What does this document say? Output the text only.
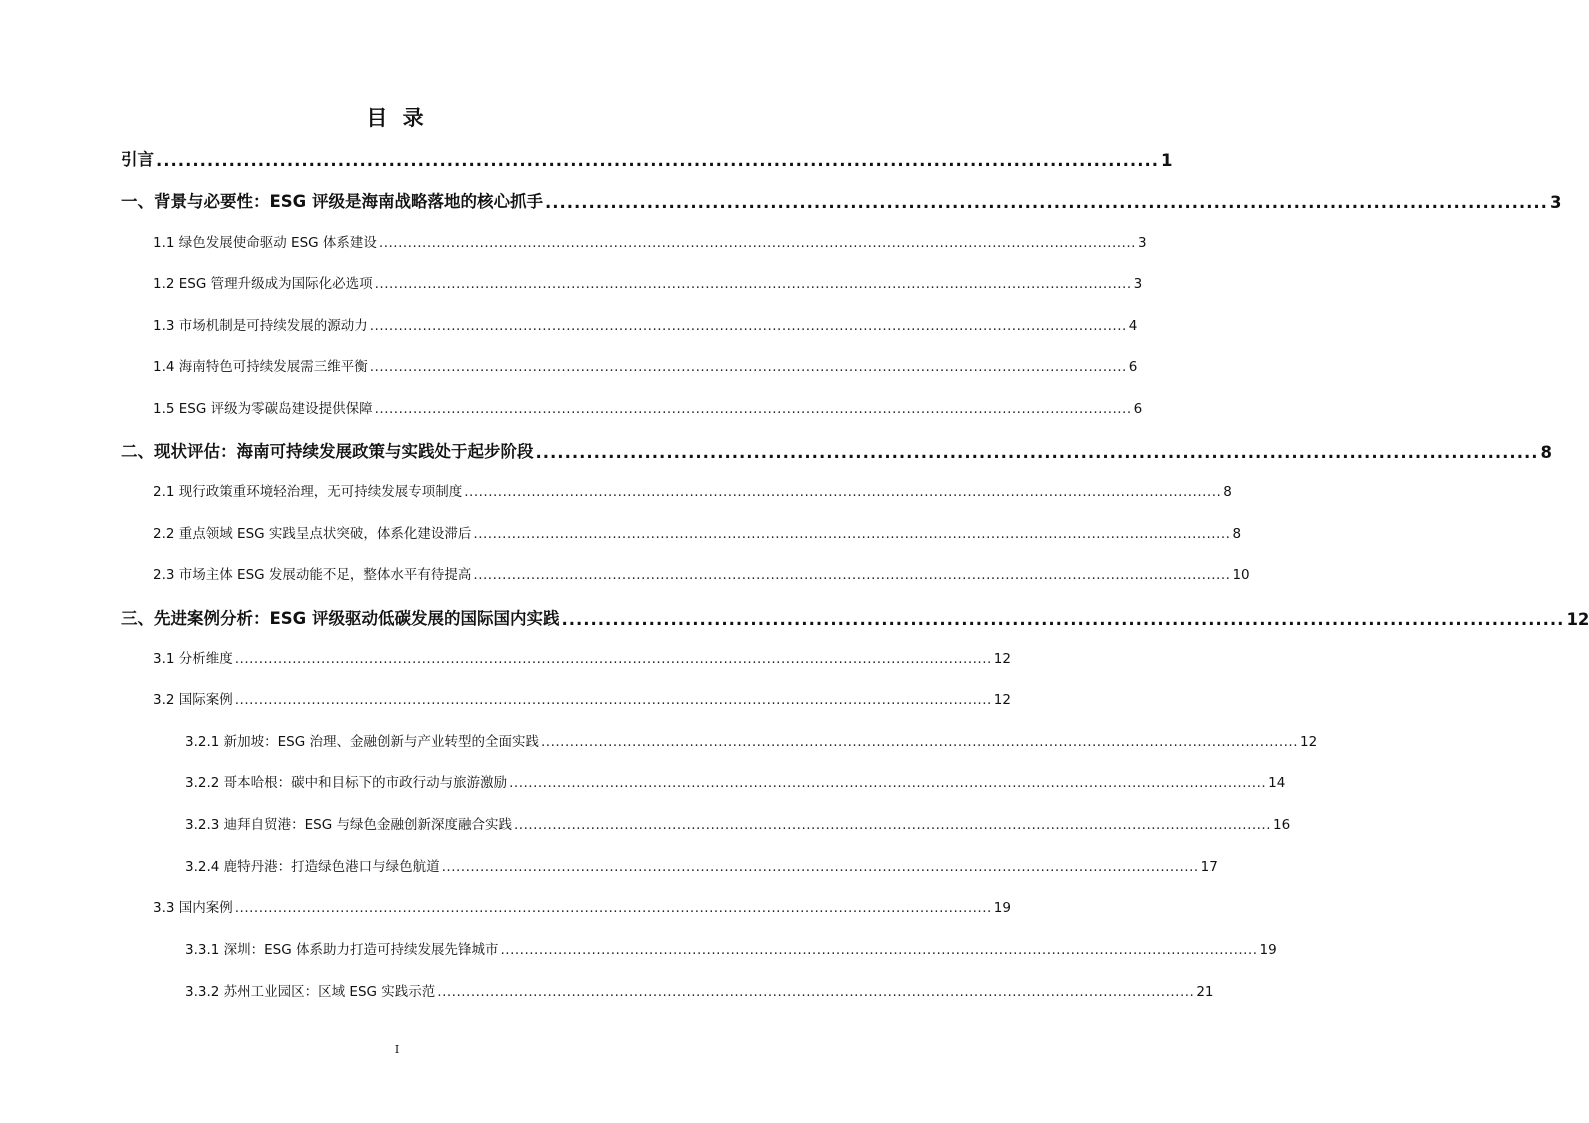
目 录
引言 .......................................................................................................................................... 1
一、背景与必要性：ESG 评级是海南战略落地的核心抓手 .......................................................................................................................................... 3
1.1 绿色发展使命驱动 ESG 体系建设 .............................................................................................................................................................. 3
1.2 ESG 管理升级成为国际化必选项 .............................................................................................................................................................. 3
1.3 市场机制是可持续发展的源动力 .............................................................................................................................................................. 4
1.4 海南特色可持续发展需三维平衡 .............................................................................................................................................................. 6
1.5 ESG 评级为零碳岛建设提供保障 .............................................................................................................................................................. 6
二、现状评估：海南可持续发展政策与实践处于起步阶段 .......................................................................................................................................... 8
2.1 现行政策重环境轻治理，无可持续发展专项制度 .............................................................................................................................................................. 8
2.2 重点领域 ESG 实践呈点状突破，体系化建设滞后 .............................................................................................................................................................. 8
2.3 市场主体 ESG 发展动能不足，整体水平有待提高 .............................................................................................................................................................. 10
三、先进案例分析：ESG 评级驱动低碳发展的国际国内实践 .......................................................................................................................................... 12
3.1 分析维度 .............................................................................................................................................................. 12
3.2 国际案例 .............................................................................................................................................................. 12
3.2.1 新加坡：ESG 治理、金融创新与产业转型的全面实践 .............................................................................................................................................................. 12
3.2.2 哥本哈根：碳中和目标下的市政行动与旅游激励 .............................................................................................................................................................. 14
3.2.3 迪拜自贸港：ESG 与绿色金融创新深度融合实践 .............................................................................................................................................................. 16
3.2.4 鹿特丹港：打造绿色港口与绿色航道 .............................................................................................................................................................. 17
3.3 国内案例 .............................................................................................................................................................. 19
3.3.1 深圳：ESG 体系助力打造可持续发展先锋城市 .............................................................................................................................................................. 19
3.3.2 苏州工业园区：区域 ESG 实践示范 .............................................................................................................................................................. 21
I
